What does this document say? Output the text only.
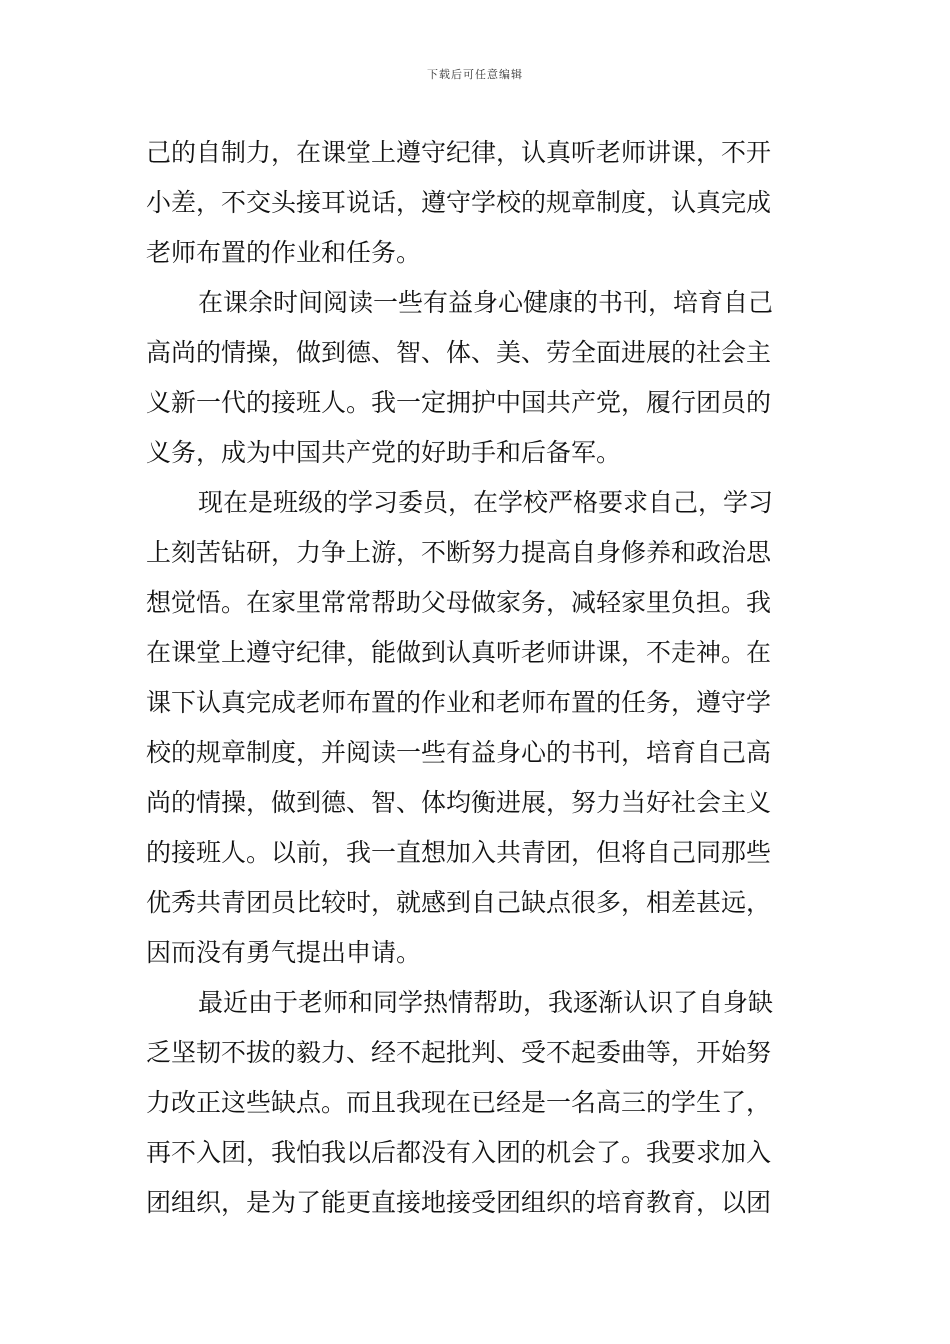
下载后可任意编辑
己的自制力，在课堂上遵守纪律，认真听老师讲课，不开
小差，不交头接耳说话，遵守学校的规章制度，认真完成
老师布置的作业和任务。
在课余时间阅读一些有益身心健康的书刊，培育自己
高尚的情操，做到德、智、体、美、劳全面进展的社会主
义新一代的接班人。我一定拥护中国共产党，履行团员的
义务，成为中国共产党的好助手和后备军。
现在是班级的学习委员，在学校严格要求自己，学习
上刻苦钻研，力争上游，不断努力提高自身修养和政治思
想觉悟。在家里常常帮助父母做家务，减轻家里负担。我
在课堂上遵守纪律，能做到认真听老师讲课，不走神。在
课下认真完成老师布置的作业和老师布置的任务，遵守学
校的规章制度，并阅读一些有益身心的书刊，培育自己高
尚的情操，做到德、智、体均衡进展，努力当好社会主义
的接班人。以前，我一直想加入共青团，但将自己同那些
优秀共青团员比较时，就感到自己缺点很多，相差甚远，
因而没有勇气提出申请。
最近由于老师和同学热情帮助，我逐渐认识了自身缺
乏坚韧不拔的毅力、经不起批判、受不起委曲等，开始努
力改正这些缺点。而且我现在已经是一名高三的学生了，
再不入团，我怕我以后都没有入团的机会了。我要求加入
团组织，是为了能更直接地接受团组织的培育教育，以团
